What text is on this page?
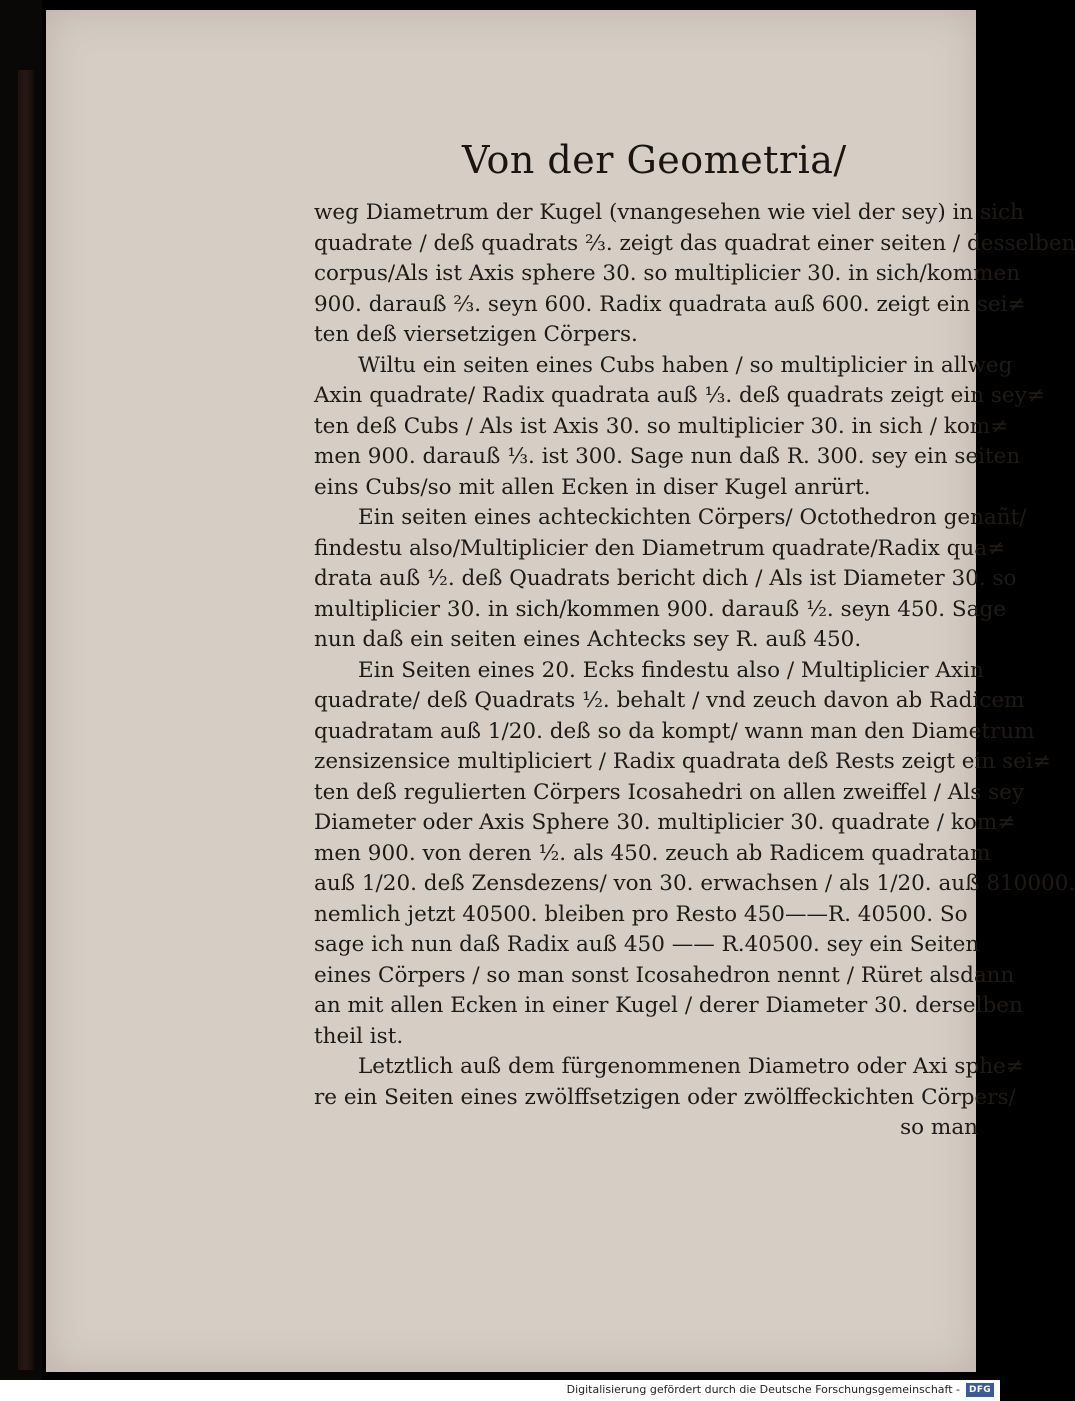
Von der Geometria/
weg Diametrum der Kugel (vnangesehen wie viel der sey) in sich
quadrate / deß quadrats ⅔. zeigt das quadrat einer seiten / desselben
corpus/Als ist Axis sphere 30. so multiplicier 30. in sich/kommen
900. darauß ⅔. seyn 600. Radix quadrata auß 600. zeigt ein sei≠
ten deß viersetzigen Cörpers.
Wiltu ein seiten eines Cubs haben / so multiplicier in allweg
Axin quadrate/ Radix quadrata auß ⅓. deß quadrats zeigt ein sey≠
ten deß Cubs / Als ist Axis 30. so multiplicier 30. in sich / kom≠
men 900. darauß ⅓. ist 300. Sage nun daß R. 300. sey ein seiten
eins Cubs/so mit allen Ecken in diser Kugel anrürt.
Ein seiten eines achteckichten Cörpers/ Octothedron genañt/
findestu also/Multiplicier den Diametrum quadrate/Radix qua≠
drata auß ½. deß Quadrats bericht dich / Als ist Diameter 30. so
multiplicier 30. in sich/kommen 900. darauß ½. seyn 450. Sage
nun daß ein seiten eines Achtecks sey R. auß 450.
Ein Seiten eines 20. Ecks findestu also / Multiplicier Axin
quadrate/ deß Quadrats ½. behalt / vnd zeuch davon ab Radicem
quadratam auß 1/20. deß so da kompt/ wann man den Diametrum
zensizensice multipliciert / Radix quadrata deß Rests zeigt ein sei≠
ten deß regulierten Cörpers Icosahedri on allen zweiffel / Als sey
Diameter oder Axis Sphere 30. multiplicier 30. quadrate / kom≠
men 900. von deren ½. als 450. zeuch ab Radicem quadratam
auß 1/20. deß Zensdezens/ von 30. erwachsen / als 1/20. auß 810000.
nemlich jetzt 40500. bleiben pro Resto 450——R. 40500. So
sage ich nun daß Radix auß 450 —— R.40500. sey ein Seiten
eines Cörpers / so man sonst Icosahedron nennt / Rüret alsdann
an mit allen Ecken in einer Kugel / derer Diameter 30. derselben
theil ist.
Letztlich auß dem fürgenommenen Diametro oder Axi sphe≠
re ein Seiten eines zwölffsetzigen oder zwölffeckichten Cörpers/
so man
Digitalisierung gefördert durch die Deutsche Forschungsgemeinschaft -	DFG
